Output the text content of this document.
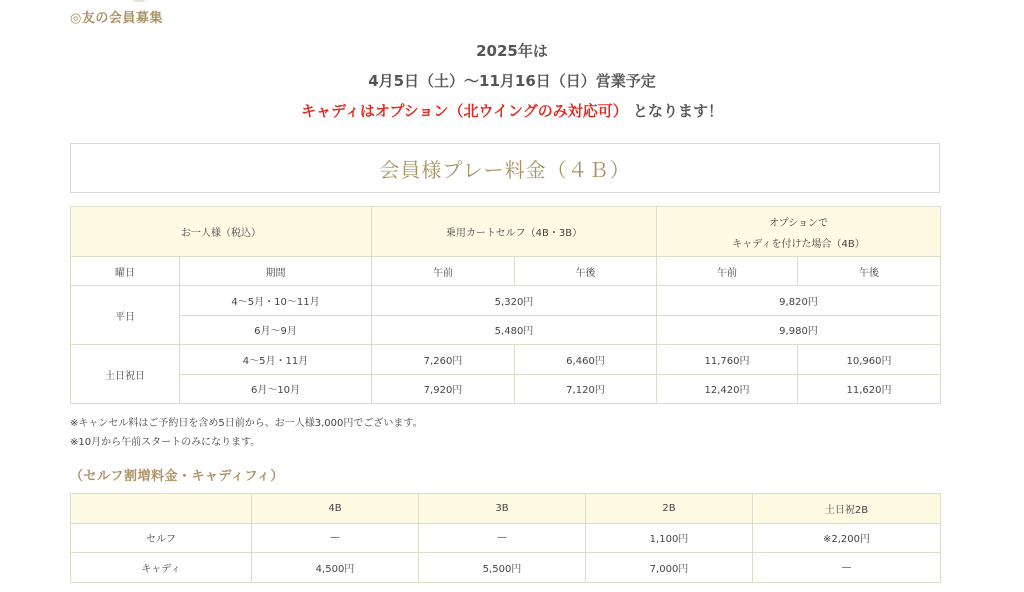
◎友の会員募集
2025年は
4月5日（土）〜11月16日（日）営業予定
キャディはオプション（北ウイングのみ対応可） となります！
会員様プレー料金（４Ｂ）
お一人様（税込）		乗用カートセルフ（4B・3B）		オプションで
キャディを付けた場合（4B）	

曜日	期間	午前	午後	午前	午後
平日	4〜5月・10〜11月	5,320円		9,820円	
	6月〜9月	5,480円		9,980円	
土日祝日	4〜5月・11月	7,260円	6,460円	11,760円	10,960円
	6月〜10月	7,920円	7,120円	12,420円	11,620円
※キャンセル料はご予約日を含め5日前から、お一人様3,000円でございます。
※10月から午前スタートのみになります。
（セルフ割増料金・キャディフィ）
	4B	3B	2B	土日祝2B
セルフ	—	—	1,100円	※2,200円
キャディ	4,500円	5,500円	7,000円	—
